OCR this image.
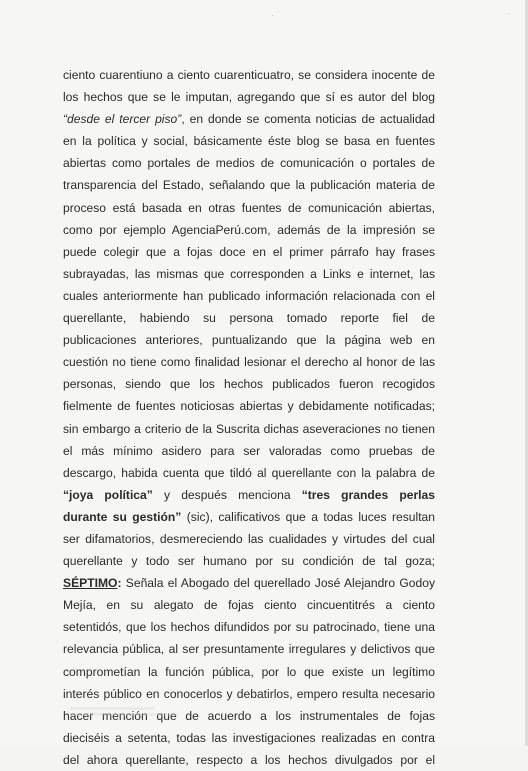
·
·
ciento cuarentiuno a ciento cuarenticuatro, se considera inocente de
los hechos que se le imputan, agregando que sí es autor del blog
“desde el tercer piso”, en donde se comenta noticias de actualidad
en la política y social, básicamente éste blog se basa en fuentes
abiertas como portales de medios de comunicación o portales de
transparencia del Estado, señalando que la publicación materia de
proceso está basada en otras fuentes de comunicación abiertas,
como por ejemplo AgenciaPerú.com, además de la impresión se
puede colegir que a fojas doce en el primer párrafo hay frases
subrayadas, las mismas que corresponden a Links e internet, las
cuales anteriormente han publicado información relacionada con el
querellante, habiendo su persona tomado reporte fiel de
publicaciones anteriores, puntualizando que la página web en
cuestión no tiene como finalidad lesionar el derecho al honor de las
personas, siendo que los hechos publicados fueron recogidos
fielmente de fuentes noticiosas abiertas y debidamente notificadas;
sin embargo a criterio de la Suscrita dichas aseveraciones no tienen
el más mínimo asidero para ser valoradas como pruebas de
descargo, habida cuenta que tildó al querellante con la palabra de
“joya política” y después menciona “tres grandes perlas
durante su gestión” (sic), calificativos que a todas luces resultan
ser difamatorios, desmereciendo las cualidades y virtudes del cual
querellante y todo ser humano por su condición de tal goza;
SÉPTIMO: Señala el Abogado del querellado José Alejandro Godoy
Mejía, en su alegato de fojas ciento cincuentitrés a ciento
setentidós, que los hechos difundidos por su patrocinado, tiene una
relevancia pública, al ser presuntamente irregulares y delictivos que
comprometían la función pública, por lo que existe un legítimo
interés público en conocerlos y debatirlos, empero resulta necesario
hacer mención que de acuerdo a los instrumentales de fojas
dieciséis a setenta, todas las investigaciones realizadas en contra
del ahora querellante, respecto a los hechos divulgados por el
